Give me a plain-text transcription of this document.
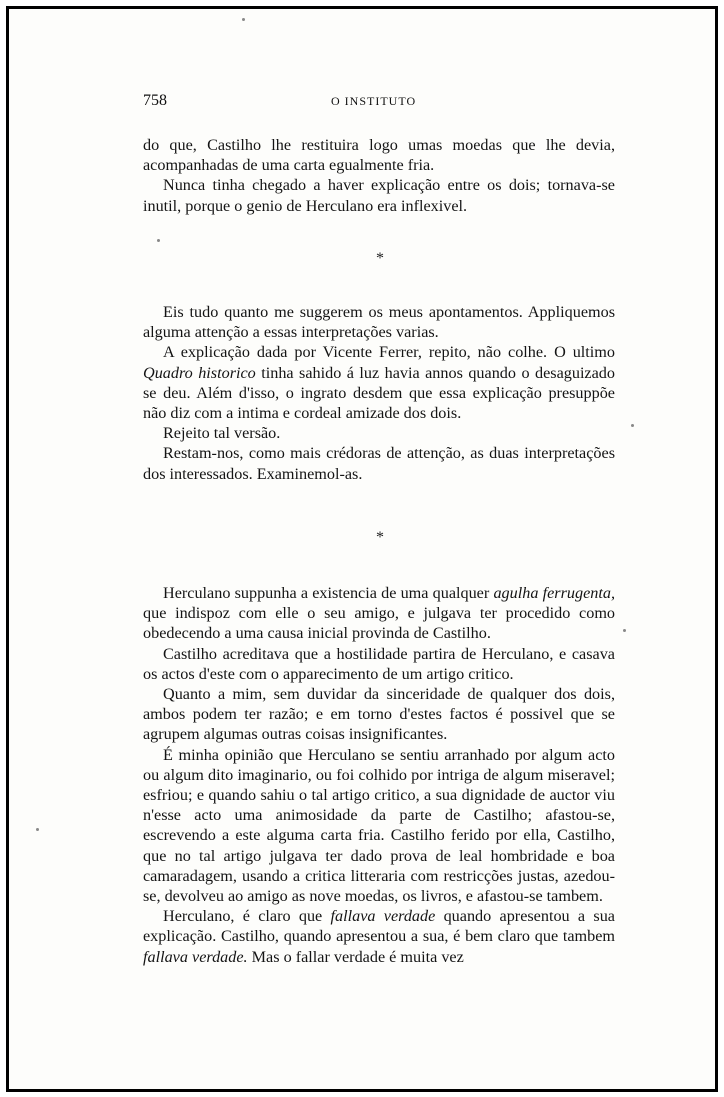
758	O INSTITUTO

do que, Castilho lhe restituira logo umas moedas que lhe devia, acompanhadas de uma carta egualmente fria.

Nunca tinha chegado a haver explicação entre os dois; tornava-se inutil, porque o genio de Herculano era inflexivel.

*

Eis tudo quanto me suggerem os meus apontamentos. Appliquemos alguma attenção a essas interpretações varias.

A explicação dada por Vicente Ferrer, repito, não colhe. O ultimo Quadro historico tinha sahido á luz havia annos quando o desaguizado se deu. Além d'isso, o ingrato desdem que essa explicação presuppõe não diz com a intima e cordeal amizade dos dois.

Rejeito tal versão.

Restam-nos, como mais crédoras de attenção, as duas interpretações dos interessados. Examinemol-as.

*

Herculano suppunha a existencia de uma qualquer agulha ferrugenta, que indispoz com elle o seu amigo, e julgava ter procedido como obedecendo a uma causa inicial provinda de Castilho.

Castilho acreditava que a hostilidade partira de Herculano, e casava os actos d'este com o apparecimento de um artigo critico.

Quanto a mim, sem duvidar da sinceridade de qualquer dos dois, ambos podem ter razão; e em torno d'estes factos é possivel que se agrupem algumas outras coisas insignificantes.

É minha opinião que Herculano se sentiu arranhado por algum acto ou algum dito imaginario, ou foi colhido por intriga de algum miseravel; esfriou; e quando sahiu o tal artigo critico, a sua dignidade de auctor viu n'esse acto uma animosidade da parte de Castilho; afastou-se, escrevendo a este alguma carta fria. Castilho ferido por ella, Castilho, que no tal artigo julgava ter dado prova de leal hombridade e boa camaradagem, usando a critica litteraria com restricções justas, azedou-se, devolveu ao amigo as nove moedas, os livros, e afastou-se tambem.

Herculano, é claro que fallava verdade quando apresentou a sua explicação. Castilho, quando apresentou a sua, é bem claro que tambem fallava verdade. Mas o fallar verdade é muita vez
